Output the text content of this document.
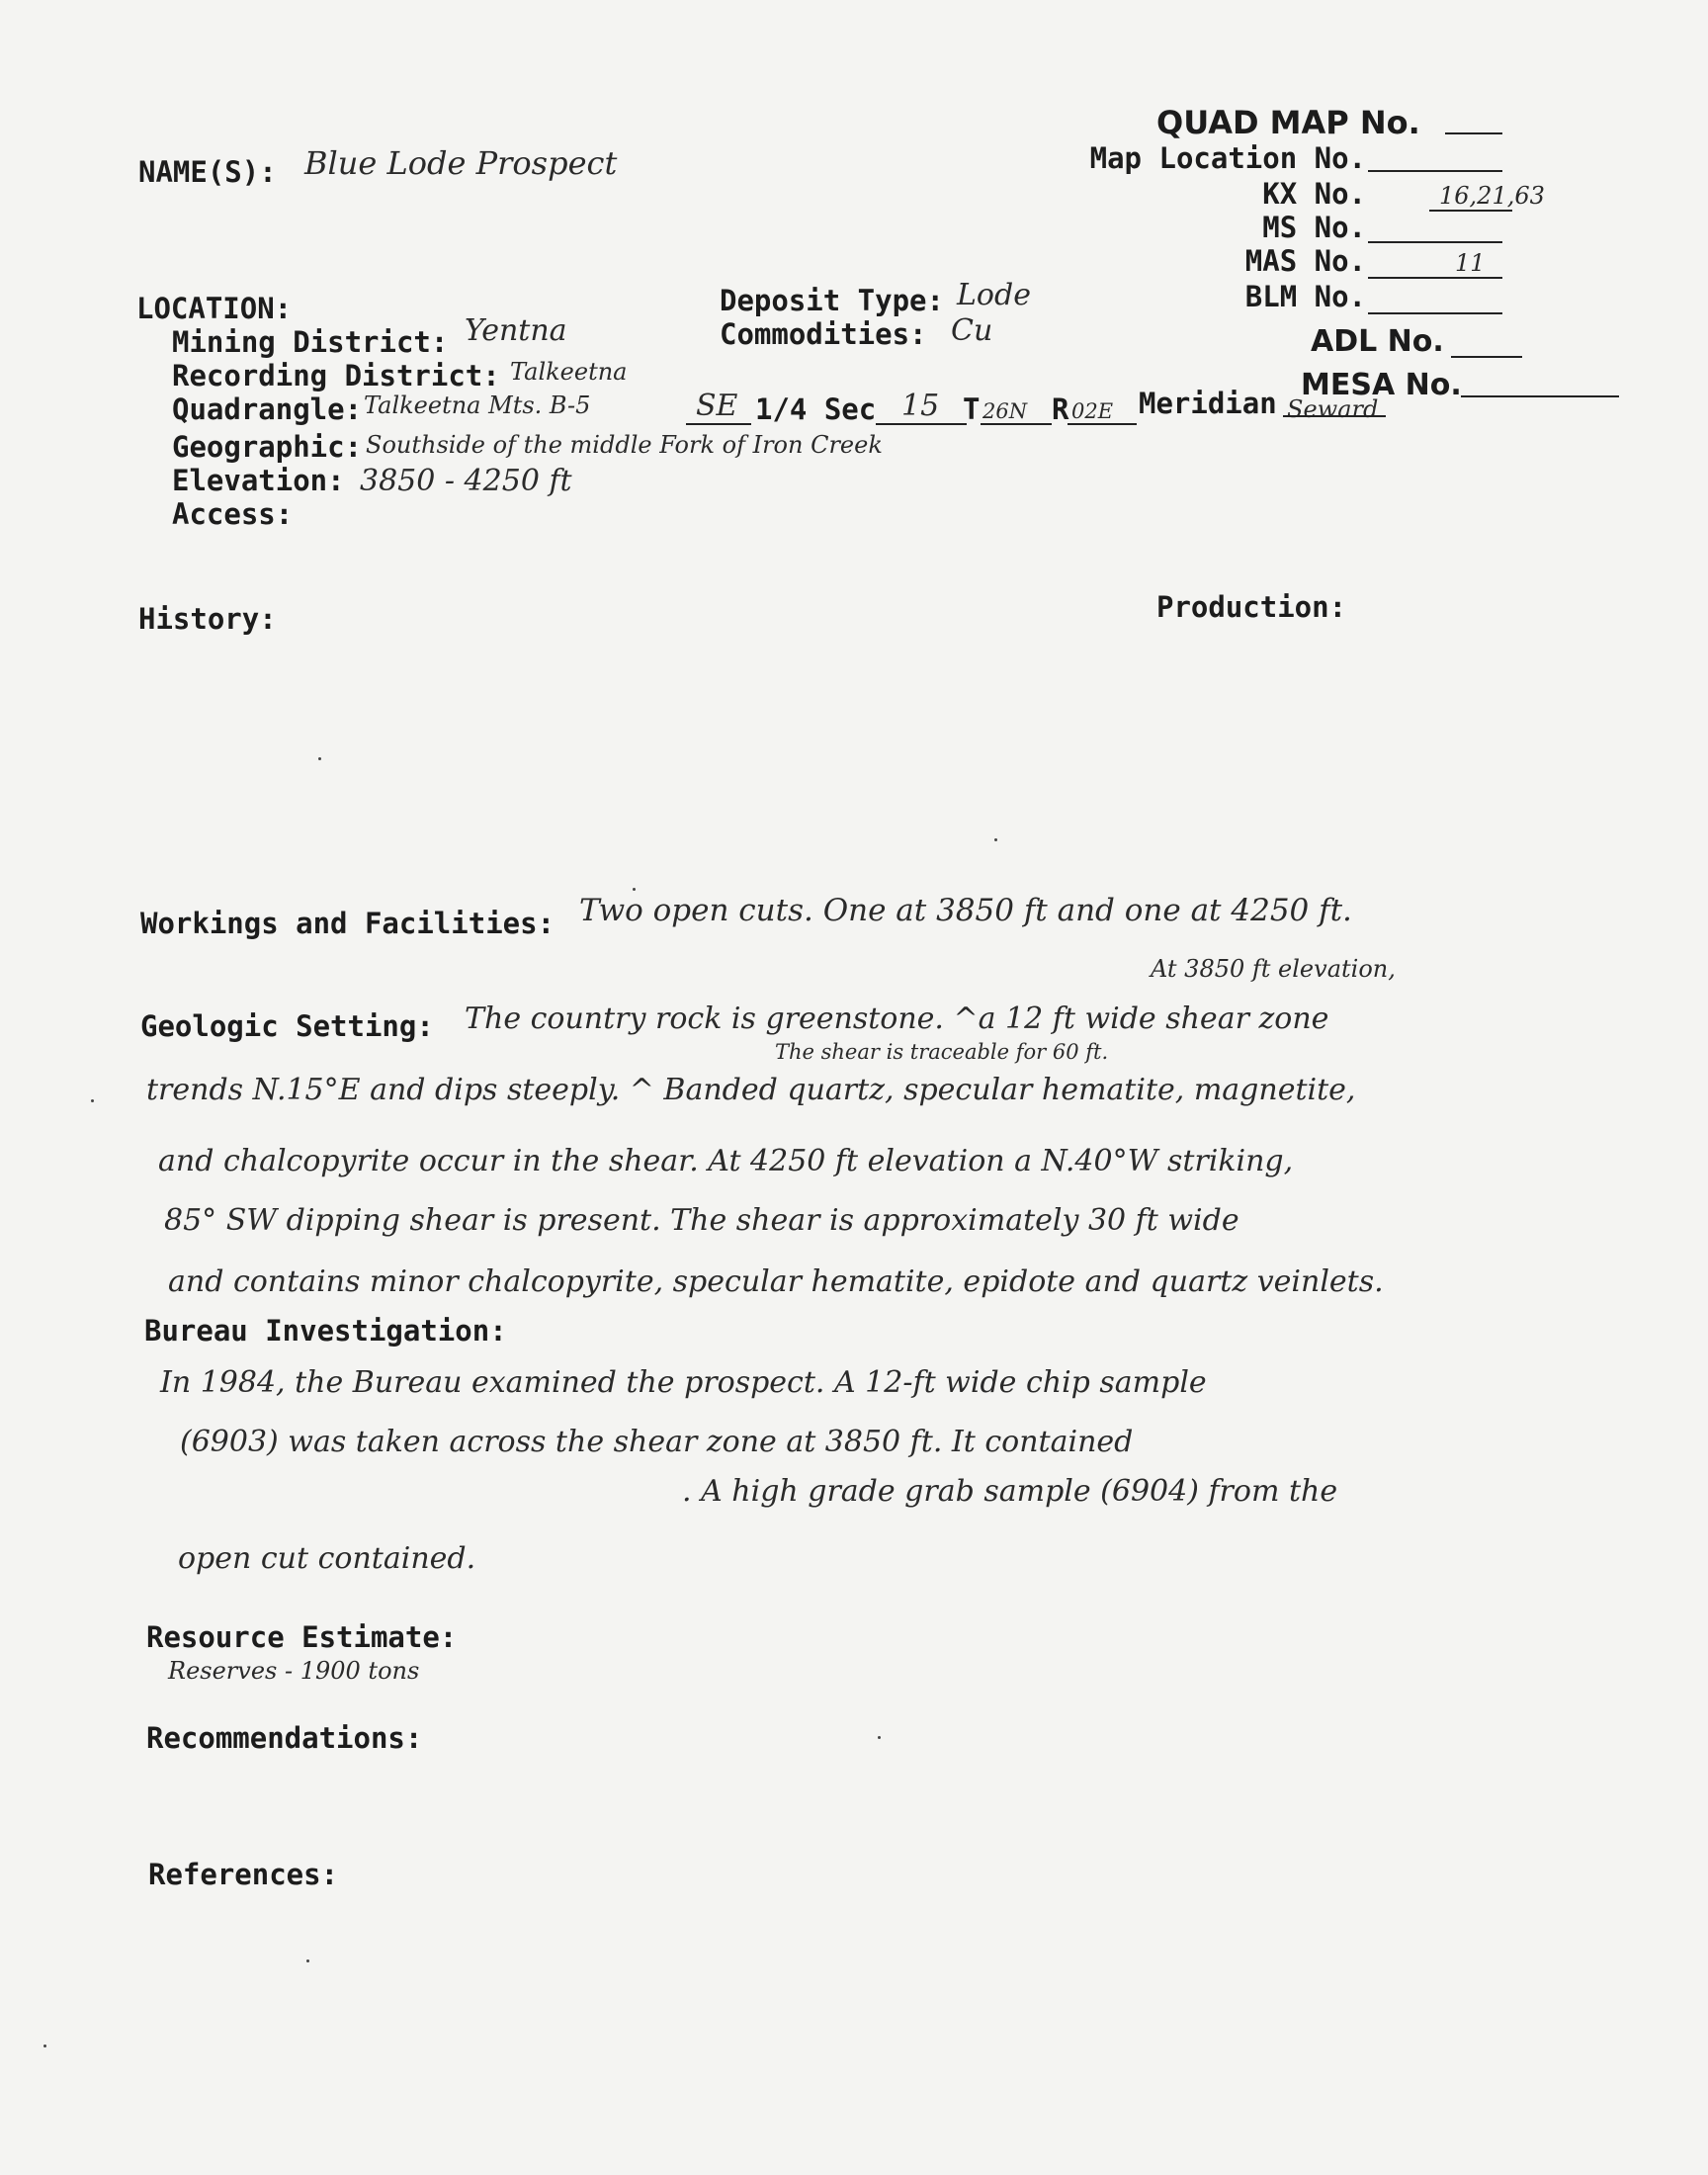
NAME(S): Blue Lode Prospect
QUAD MAP No.
Map Location No.
KX No.	16,21,63
MS No.
MAS No.	11
BLM No.
ADL No.
MESA No.
LOCATION:
Mining District: Yentna
Recording District: Talkeetna
Quadrangle: Talkeetna Mts. B-5	SE 1/4 Sec 15 T 26N R 02E Meridian Seward
Geographic: Southside of the middle Fork of Iron Creek
Elevation: 3850 - 4250 ft
Access:
Deposit Type: Lode
Commodities: Cu
History:	Production:
Workings and Facilities: Two open cuts. One at 3850 ft and one at 4250 ft.
At 3850 ft elevation,
Geologic Setting: The country rock is greenstone. ^a 12 ft wide shear zone
The shear is traceable for 60 ft.
trends N.15°E and dips steeply. ^ Banded quartz, specular hematite, magnetite,
and chalcopyrite occur in the shear. At 4250 ft elevation a N.40°W striking,
85° SW dipping shear is present. The shear is approximately 30 ft wide
and contains minor chalcopyrite, specular hematite, epidote and quartz veinlets.
Bureau Investigation:
In 1984, the Bureau examined the prospect. A 12-ft wide chip sample
(6903) was taken across the shear zone at 3850 ft. It contained
. A high grade grab sample (6904) from the
open cut contained.
Resource Estimate:
Reserves - 1900 tons
Recommendations:
References:
